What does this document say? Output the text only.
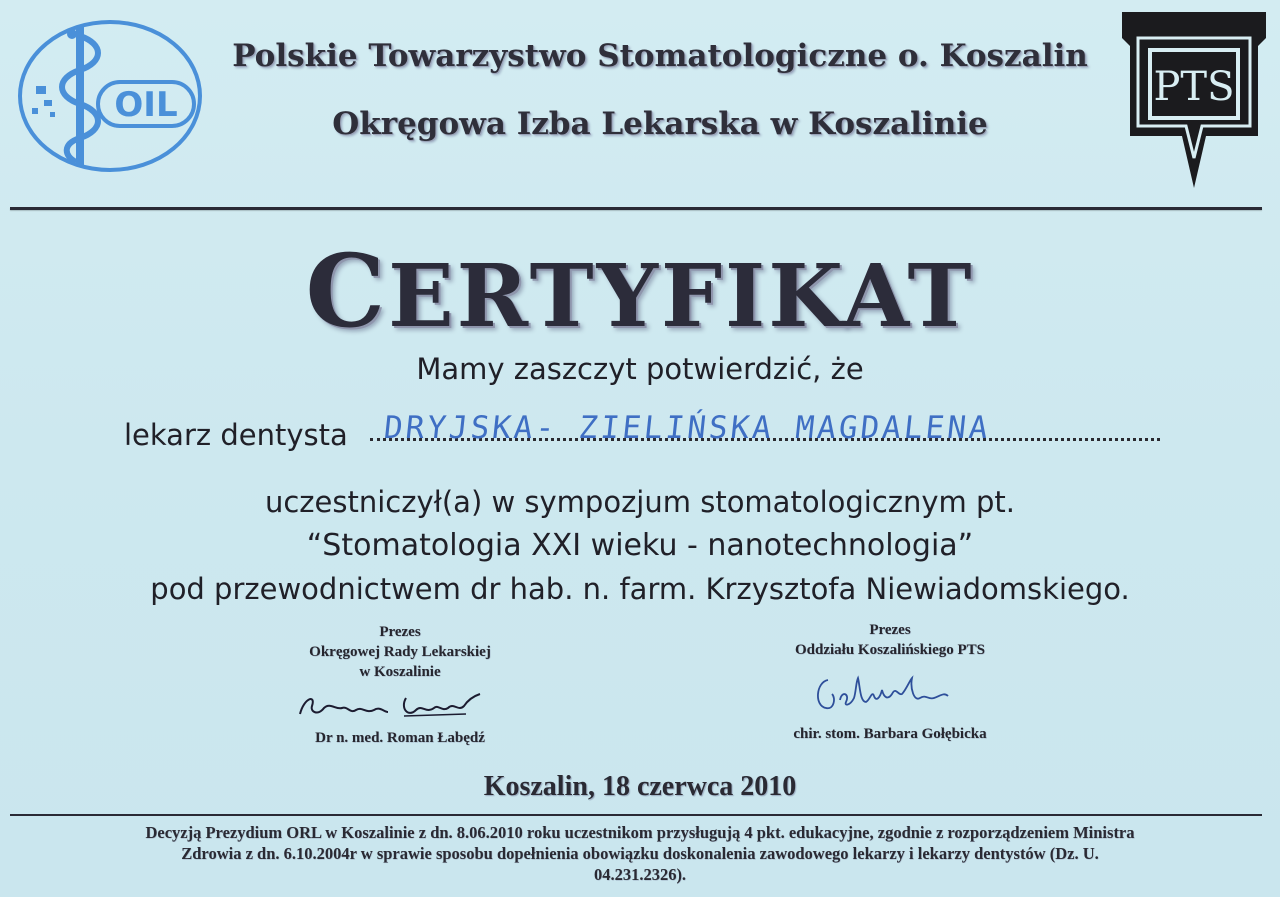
OIL	PTS
Polskie Towarzystwo Stomatologiczne o. Koszalin
Okręgowa Izba Lekarska w Koszalinie
CERTYFIKAT
Mamy zaszczyt potwierdzić, że
lekarz dentysta DRYJSKA- ZIELIŃSKA MAGDALENA
uczestniczył(a) w sympozjum stomatologicznym pt.
“Stomatologia XXI wieku - nanotechnologia”
pod przewodnictwem dr hab. n. farm. Krzysztofa Niewiadomskiego.
Prezes
Okręgowej Rady Lekarskiej
w Koszalinie
Dr n. med. Roman Łabędź
Prezes
Oddziału Koszalińskiego PTS
chir. stom. Barbara Gołębicka
Koszalin, 18 czerwca 2010
Decyzją Prezydium ORL w Koszalinie z dn. 8.06.2010 roku uczestnikom przysługują 4 pkt. edukacyjne, zgodnie z rozporządzeniem Ministra
Zdrowia z dn. 6.10.2004r w sprawie sposobu dopełnienia obowiązku doskonalenia zawodowego lekarzy i lekarzy dentystów (Dz. U.
04.231.2326).
